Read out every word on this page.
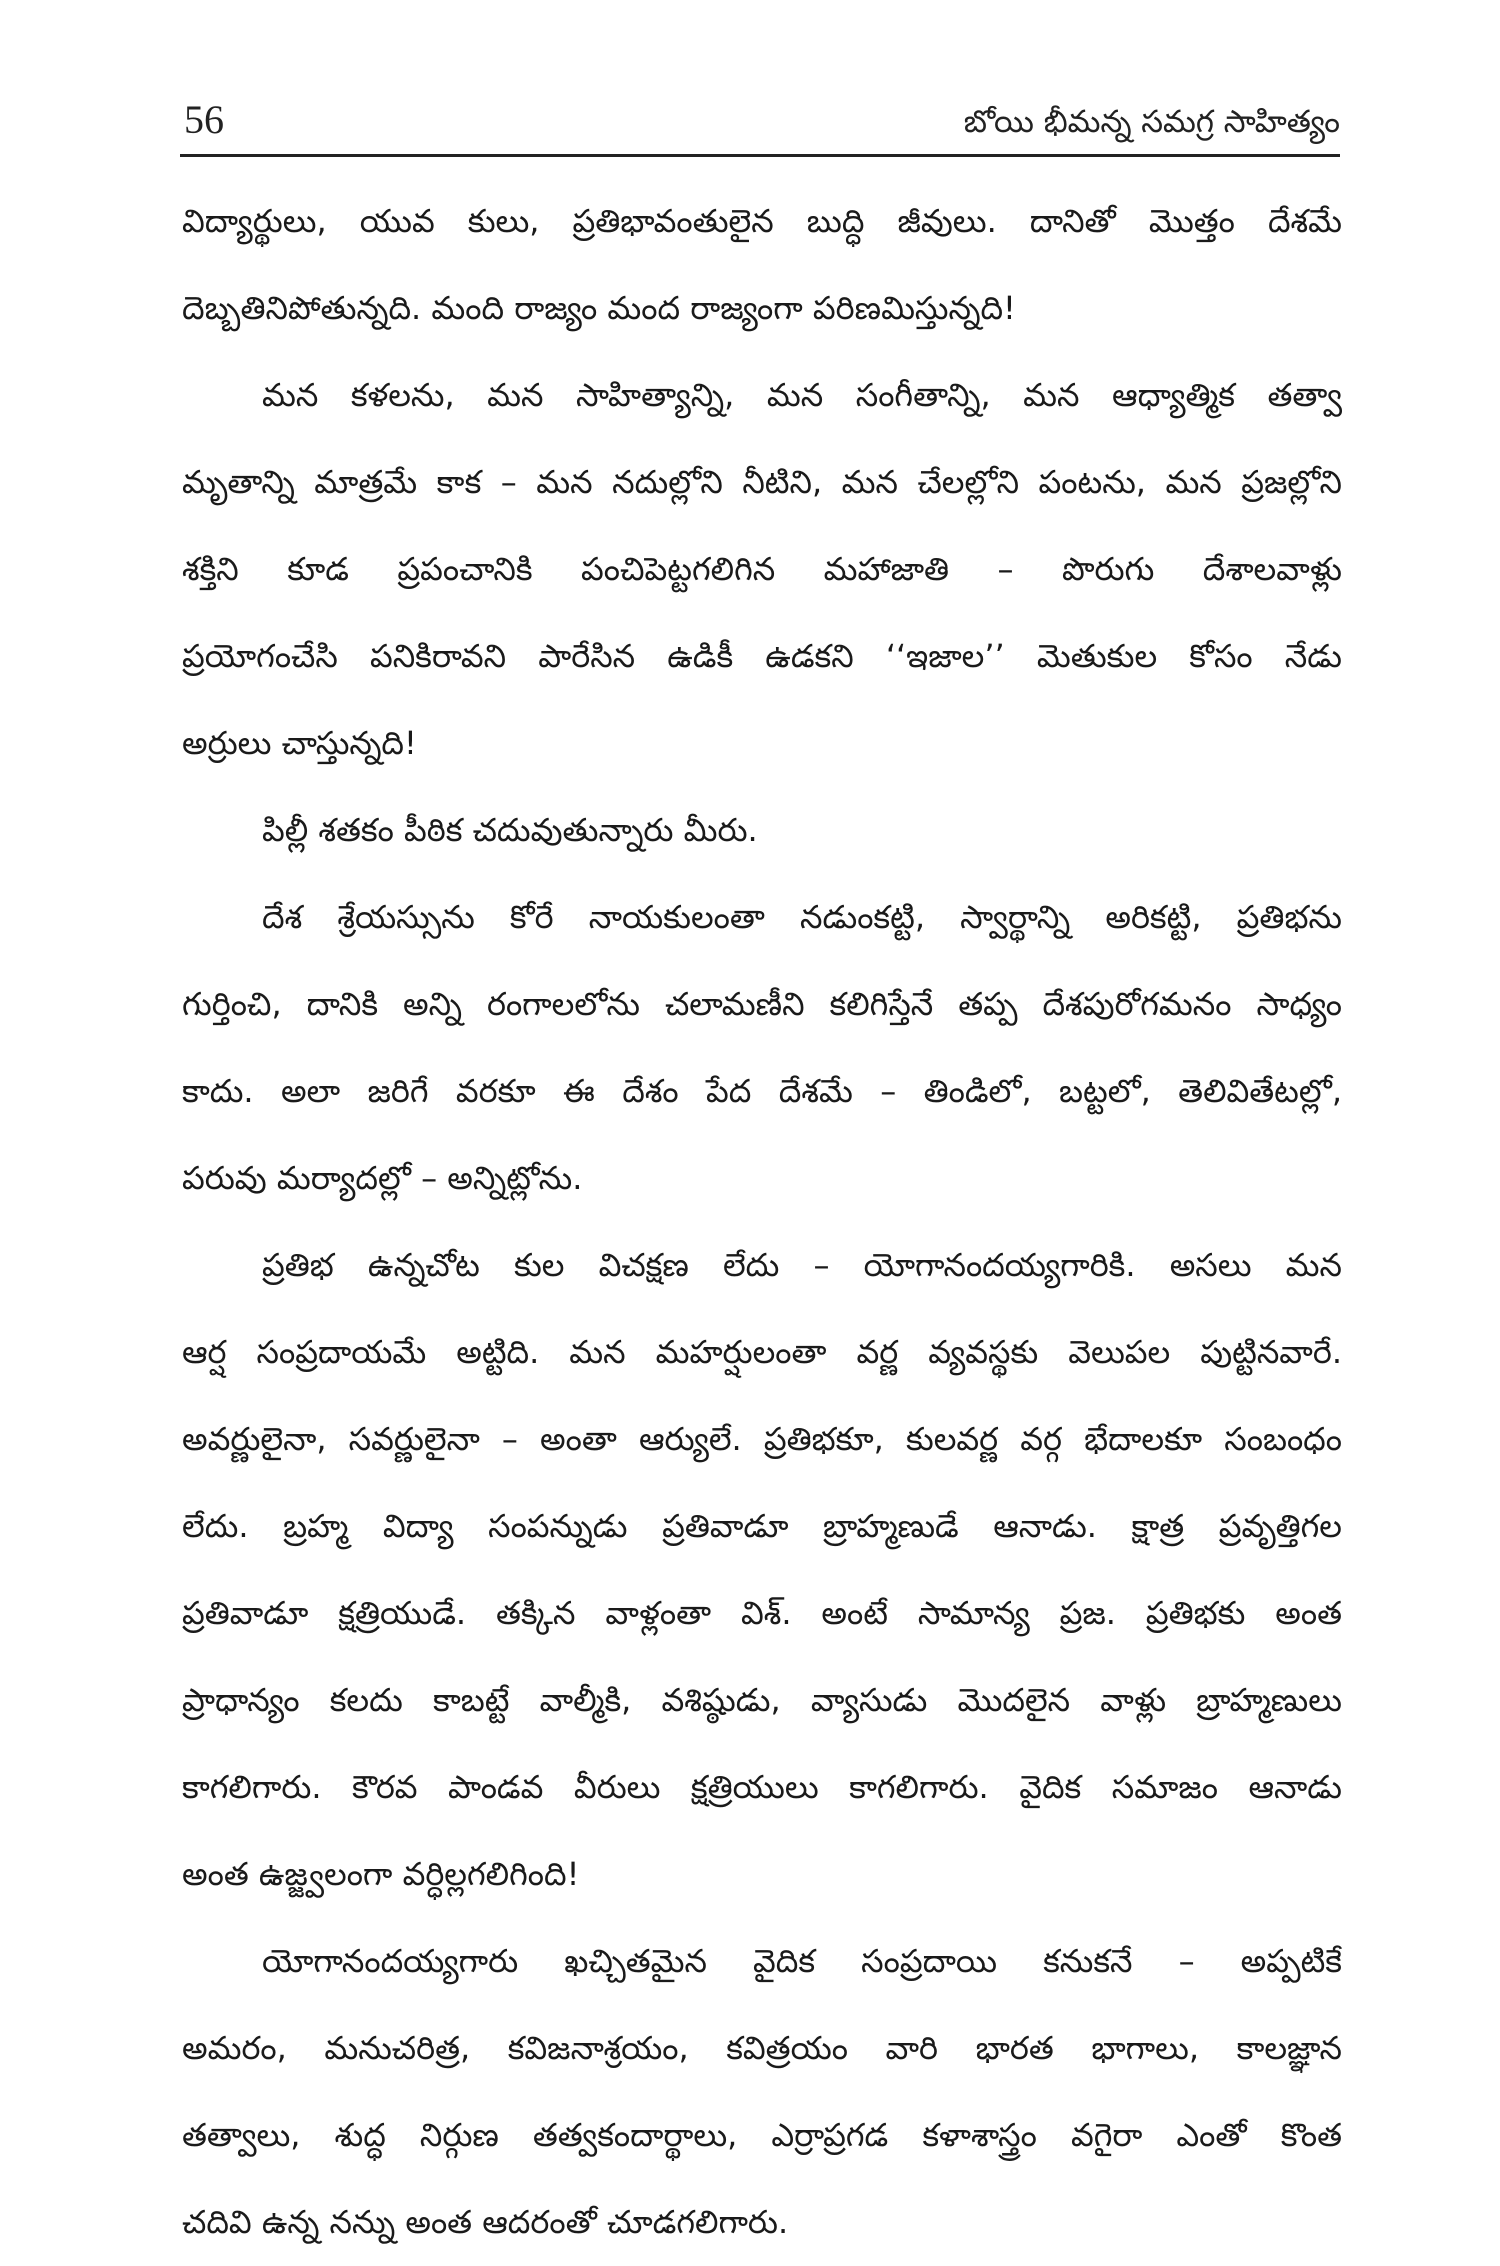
56	బోయి భీమన్న సమగ్ర సాహిత్యం
విద్యార్థులు, యువ కులు, ప్రతిభావంతులైన బుద్ధి జీవులు. దానితో మొత్తం దేశమే
దెబ్బతినిపోతున్నది. మంది రాజ్యం మంద రాజ్యంగా పరిణమిస్తున్నది!
మన కళలను, మన సాహిత్యాన్ని, మన సంగీతాన్ని, మన ఆధ్యాత్మిక తత్వా
మృతాన్ని మాత్రమే కాక – మన నదుల్లోని నీటిని, మన చేలల్లోని పంటను, మన ప్రజల్లోని
శక్తిని కూడ ప్రపంచానికి పంచిపెట్టగలిగిన మహాజాతి – పొరుగు దేశాలవాళ్లు
ప్రయోగంచేసి పనికిరావని పారేసిన ఉడికీ ఉడకని ‘‘ఇజాల’’ మెతుకుల కోసం నేడు
అర్రులు చాస్తున్నది!
పిల్లీ శతకం పీఠిక చదువుతున్నారు మీరు.
దేశ శ్రేయస్సును కోరే నాయకులంతా నడుంకట్టి, స్వార్థాన్ని అరికట్టి, ప్రతిభను
గుర్తించి, దానికి అన్ని రంగాలలోను చలామణీని కలిగిస్తేనే తప్ప దేశపురోగమనం సాధ్యం
కాదు. అలా జరిగే వరకూ ఈ దేశం పేద దేశమే – తిండిలో, బట్టలో, తెలివితేటల్లో,
పరువు మర్యాదల్లో – అన్నిట్లోను.
ప్రతిభ ఉన్నచోట కుల విచక్షణ లేదు – యోగానందయ్యగారికి. అసలు మన
ఆర్ష సంప్రదాయమే అట్టిది. మన మహర్షులంతా వర్ణ వ్యవస్థకు వెలుపల పుట్టినవారే.
అవర్ణులైనా, సవర్ణులైనా – అంతా ఆర్యులే. ప్రతిభకూ, కులవర్ణ వర్గ భేదాలకూ సంబంధం
లేదు. బ్రహ్మ విద్యా సంపన్నుడు ప్రతివాడూ బ్రాహ్మణుడే ఆనాడు. క్షాత్ర ప్రవృత్తిగల
ప్రతివాడూ క్షత్రియుడే. తక్కిన వాళ్లంతా విశ్. అంటే సామాన్య ప్రజ. ప్రతిభకు అంత
ప్రాధాన్యం కలదు కాబట్టే వాల్మీకి, వశిష్ఠుడు, వ్యాసుడు మొదలైన వాళ్లు బ్రాహ్మణులు
కాగలిగారు. కౌరవ పాండవ వీరులు క్షత్రియులు కాగలిగారు. వైదిక సమాజం ఆనాడు
అంత ఉజ్జ్వలంగా వర్ధిల్లగలిగింది!
యోగానందయ్యగారు ఖచ్చితమైన వైదిక సంప్రదాయి కనుకనే – అప్పటికే
అమరం, మనుచరిత్ర, కవిజనాశ్రయం, కవిత్రయం వారి భారత భాగాలు, కాలజ్ఞాన
తత్వాలు, శుద్ధ నిర్గుణ తత్వకందార్థాలు, ఎర్రాప్రగడ కళాశాస్త్రం వగైరా ఎంతో కొంత
చదివి ఉన్న నన్ను అంత ఆదరంతో చూడగలిగారు.
